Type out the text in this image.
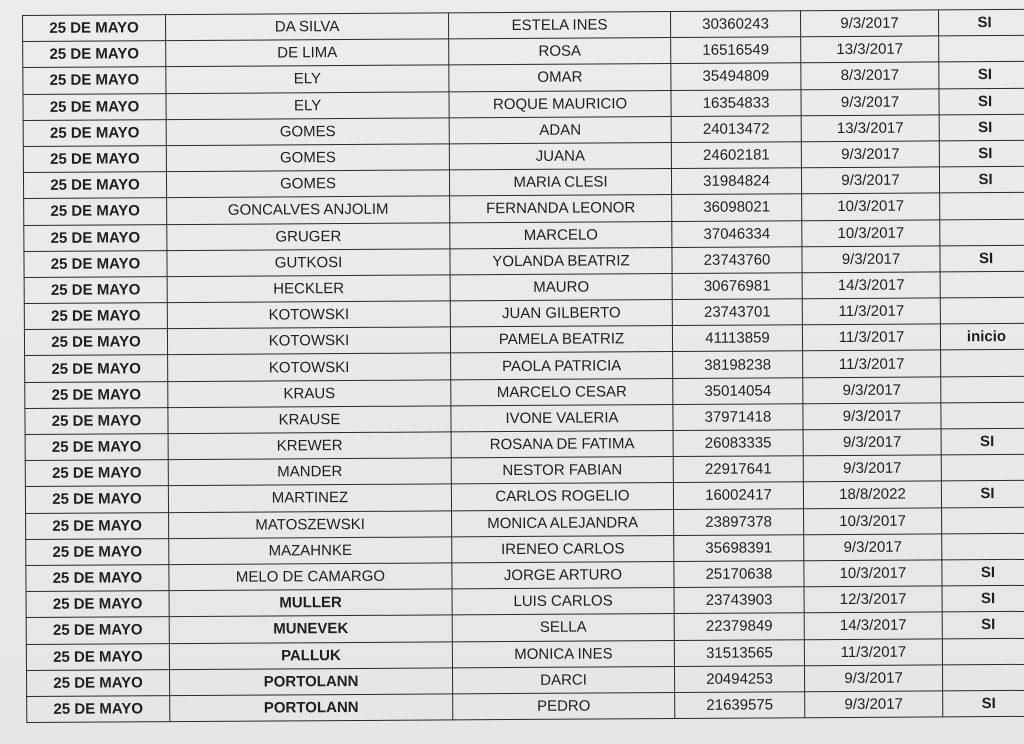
25 DE MAYO	DA SILVA	ESTELA INES	30360243	9/3/2017	SI
25 DE MAYO	DE LIMA	ROSA	16516549	13/3/2017	
25 DE MAYO	ELY	OMAR	35494809	8/3/2017	SI
25 DE MAYO	ELY	ROQUE MAURICIO	16354833	9/3/2017	SI
25 DE MAYO	GOMES	ADAN	24013472	13/3/2017	SI
25 DE MAYO	GOMES	JUANA	24602181	9/3/2017	SI
25 DE MAYO	GOMES	MARIA CLESI	31984824	9/3/2017	SI
25 DE MAYO	GONCALVES ANJOLIM	FERNANDA LEONOR	36098021	10/3/2017	
25 DE MAYO	GRUGER	MARCELO	37046334	10/3/2017	
25 DE MAYO	GUTKOSI	YOLANDA BEATRIZ	23743760	9/3/2017	SI
25 DE MAYO	HECKLER	MAURO	30676981	14/3/2017	
25 DE MAYO	KOTOWSKI	JUAN GILBERTO	23743701	11/3/2017	
25 DE MAYO	KOTOWSKI	PAMELA BEATRIZ	41113859	11/3/2017	inicio
25 DE MAYO	KOTOWSKI	PAOLA PATRICIA	38198238	11/3/2017	
25 DE MAYO	KRAUS	MARCELO CESAR	35014054	9/3/2017	
25 DE MAYO	KRAUSE	IVONE VALERIA	37971418	9/3/2017	
25 DE MAYO	KREWER	ROSANA DE FATIMA	26083335	9/3/2017	SI
25 DE MAYO	MANDER	NESTOR FABIAN	22917641	9/3/2017	
25 DE MAYO	MARTINEZ	CARLOS ROGELIO	16002417	18/8/2022	SI
25 DE MAYO	MATOSZEWSKI	MONICA ALEJANDRA	23897378	10/3/2017	
25 DE MAYO	MAZAHNKE	IRENEO CARLOS	35698391	9/3/2017	
25 DE MAYO	MELO DE CAMARGO	JORGE ARTURO	25170638	10/3/2017	SI
25 DE MAYO	MULLER	LUIS CARLOS	23743903	12/3/2017	SI
25 DE MAYO	MUNEVEK	SELLA	22379849	14/3/2017	SI
25 DE MAYO	PALLUK	MONICA INES	31513565	11/3/2017	
25 DE MAYO	PORTOLANN	DARCI	20494253	9/3/2017	
25 DE MAYO	PORTOLANN	PEDRO	21639575	9/3/2017	SI
